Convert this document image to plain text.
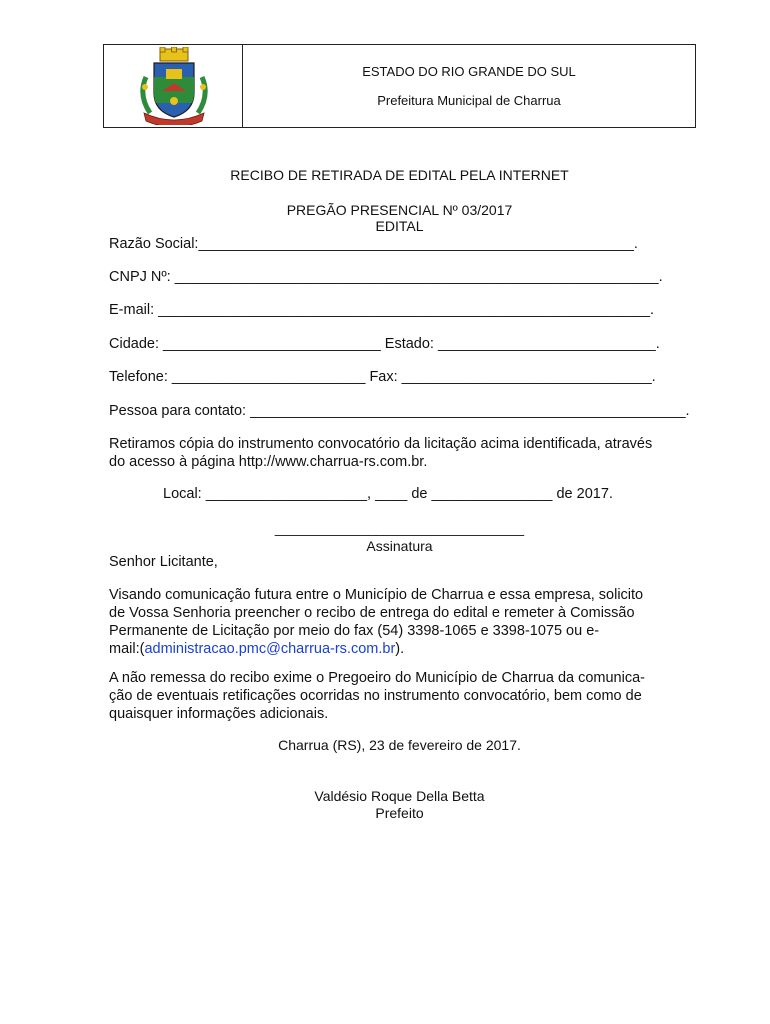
ESTADO DO RIO GRANDE DO SUL
Prefeitura Municipal de Charrua
RECIBO DE RETIRADA DE EDITAL PELA INTERNET
PREGÃO PRESENCIAL Nº 03/2017
EDITAL
Razão Social:______________________________________________________.
CNPJ Nº: ____________________________________________________________.
E-mail: _____________________________________________________________.
Cidade: ___________________________ Estado: ___________________________.
Telefone: ________________________ Fax: _______________________________.
Pessoa para contato: ______________________________________________________.
Retiramos cópia do instrumento convocatório da licitação acima identificada, através
do acesso à página http://www.charrua-rs.com.br.
Local: ____________________, ____ de _______________ de 2017.
________________________________
Assinatura
Senhor Licitante,
Visando comunicação futura entre o Município de Charrua e essa empresa, solicito
de Vossa Senhoria preencher o recibo de entrega do edital e remeter à Comissão
Permanente de Licitação por meio do fax (54) 3398-1065 e 3398-1075 ou e-
mail:(administracao.pmc@charrua-rs.com.br).
A não remessa do recibo exime o Pregoeiro do Município de Charrua da comunica-
ção de eventuais retificações ocorridas no instrumento convocatório, bem como de
quaisquer informações adicionais.
Charrua (RS), 23 de fevereiro de 2017.
Valdésio Roque Della Betta
Prefeito
